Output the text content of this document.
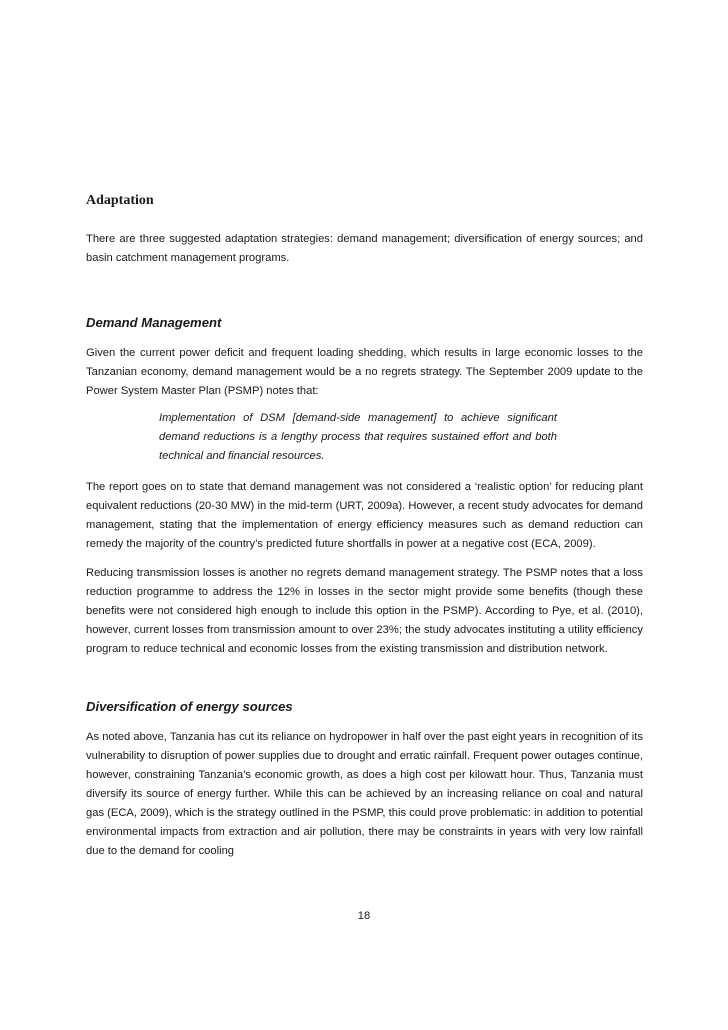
Adaptation

There are three suggested adaptation strategies: demand management; diversification of energy sources; and basin catchment management programs.

Demand Management

Given the current power deficit and frequent loading shedding, which results in large economic losses to the Tanzanian economy, demand management would be a no regrets strategy. The September 2009 update to the Power System Master Plan (PSMP) notes that:

Implementation of DSM [demand-side management] to achieve significant demand reductions is a lengthy process that requires sustained effort and both technical and financial resources.

The report goes on to state that demand management was not considered a ‘realistic option’ for reducing plant equivalent reductions (20-30 MW) in the mid-term (URT, 2009a). However, a recent study advocates for demand management, stating that the implementation of energy efficiency measures such as demand reduction can remedy the majority of the country’s predicted future shortfalls in power at a negative cost (ECA, 2009).

Reducing transmission losses is another no regrets demand management strategy. The PSMP notes that a loss reduction programme to address the 12% in losses in the sector might provide some benefits (though these benefits were not considered high enough to include this option in the PSMP). According to Pye, et al. (2010), however, current losses from transmission amount to over 23%; the study advocates instituting a utility efficiency program to reduce technical and economic losses from the existing transmission and distribution network.

Diversification of energy sources

As noted above, Tanzania has cut its reliance on hydropower in half over the past eight years in recognition of its vulnerability to disruption of power supplies due to drought and erratic rainfall. Frequent power outages continue, however, constraining Tanzania’s economic growth, as does a high cost per kilowatt hour. Thus, Tanzania must diversify its source of energy further. While this can be achieved by an increasing reliance on coal and natural gas (ECA, 2009), which is the strategy outlined in the PSMP, this could prove problematic: in addition to potential environmental impacts from extraction and air pollution, there may be constraints in years with very low rainfall due to the demand for cooling

18
